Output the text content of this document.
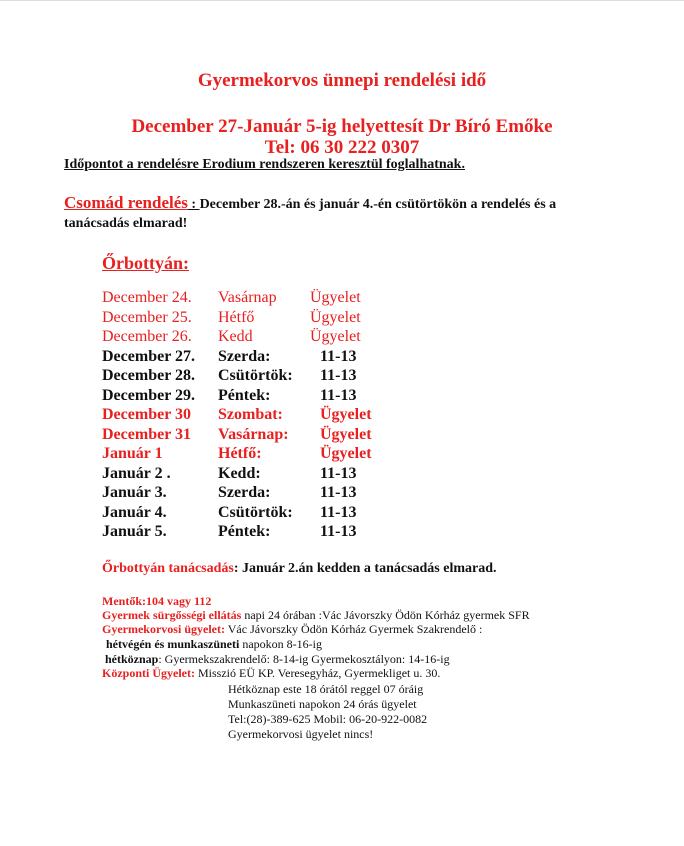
Gyermekorvos ünnepi rendelési idő
December 27-Január 5-ig helyettesít Dr Bíró Emőke
Tel: 06 30 222 0307
Időpontot a rendelésre Erodium rendszeren keresztül foglalhatnak.
Csomád rendelés : December 28.-án és január 4.-én csütörtökön a rendelés és a tanácsadás elmarad!
Őrbottyán:
December 24. Vasárnap Ügyelet
December 25. Hétfő	Ügyelet
December 26. Kedd	Ügyelet
December 27. Szerda:	11-13
December 28. Csütörtök: 11-13
December 29. Péntek:	11-13
December 30 Szombat: Ügyelet
December 31 Vasárnap: Ügyelet
Január 1	Hétfő:	Ügyelet
Január 2 .	Kedd:	11-13
Január 3.	Szerda:	11-13
Január 4.	Csütörtök: 11-13
Január 5.	Péntek:	11-13
Őrbottyán tanácsadás: Január 2.án kedden a tanácsadás elmarad.
Mentők:104 vagy 112
Gyermek sürgősségi ellátás napi 24 órában :Vác Jávorszky Ödön Kórház gyermek SFR
Gyermekorvosi ügyelet: Vác Jávorszky Ödön Kórház Gyermek Szakrendelő :
hétvégén és munkaszüneti napokon 8-16-ig
hétköznap: Gyermekszakrendelő: 8-14-ig Gyermekosztályon: 14-16-ig
Központi Ügyelet: Misszió EÜ KP. Veresegyház, Gyermekliget u. 30.
Hétköznap este 18 órától reggel 07 óráig
Munkaszüneti napokon 24 órás ügyelet
Tel:(28)-389-625 Mobil: 06-20-922-0082
Gyermekorvosi ügyelet nincs!
